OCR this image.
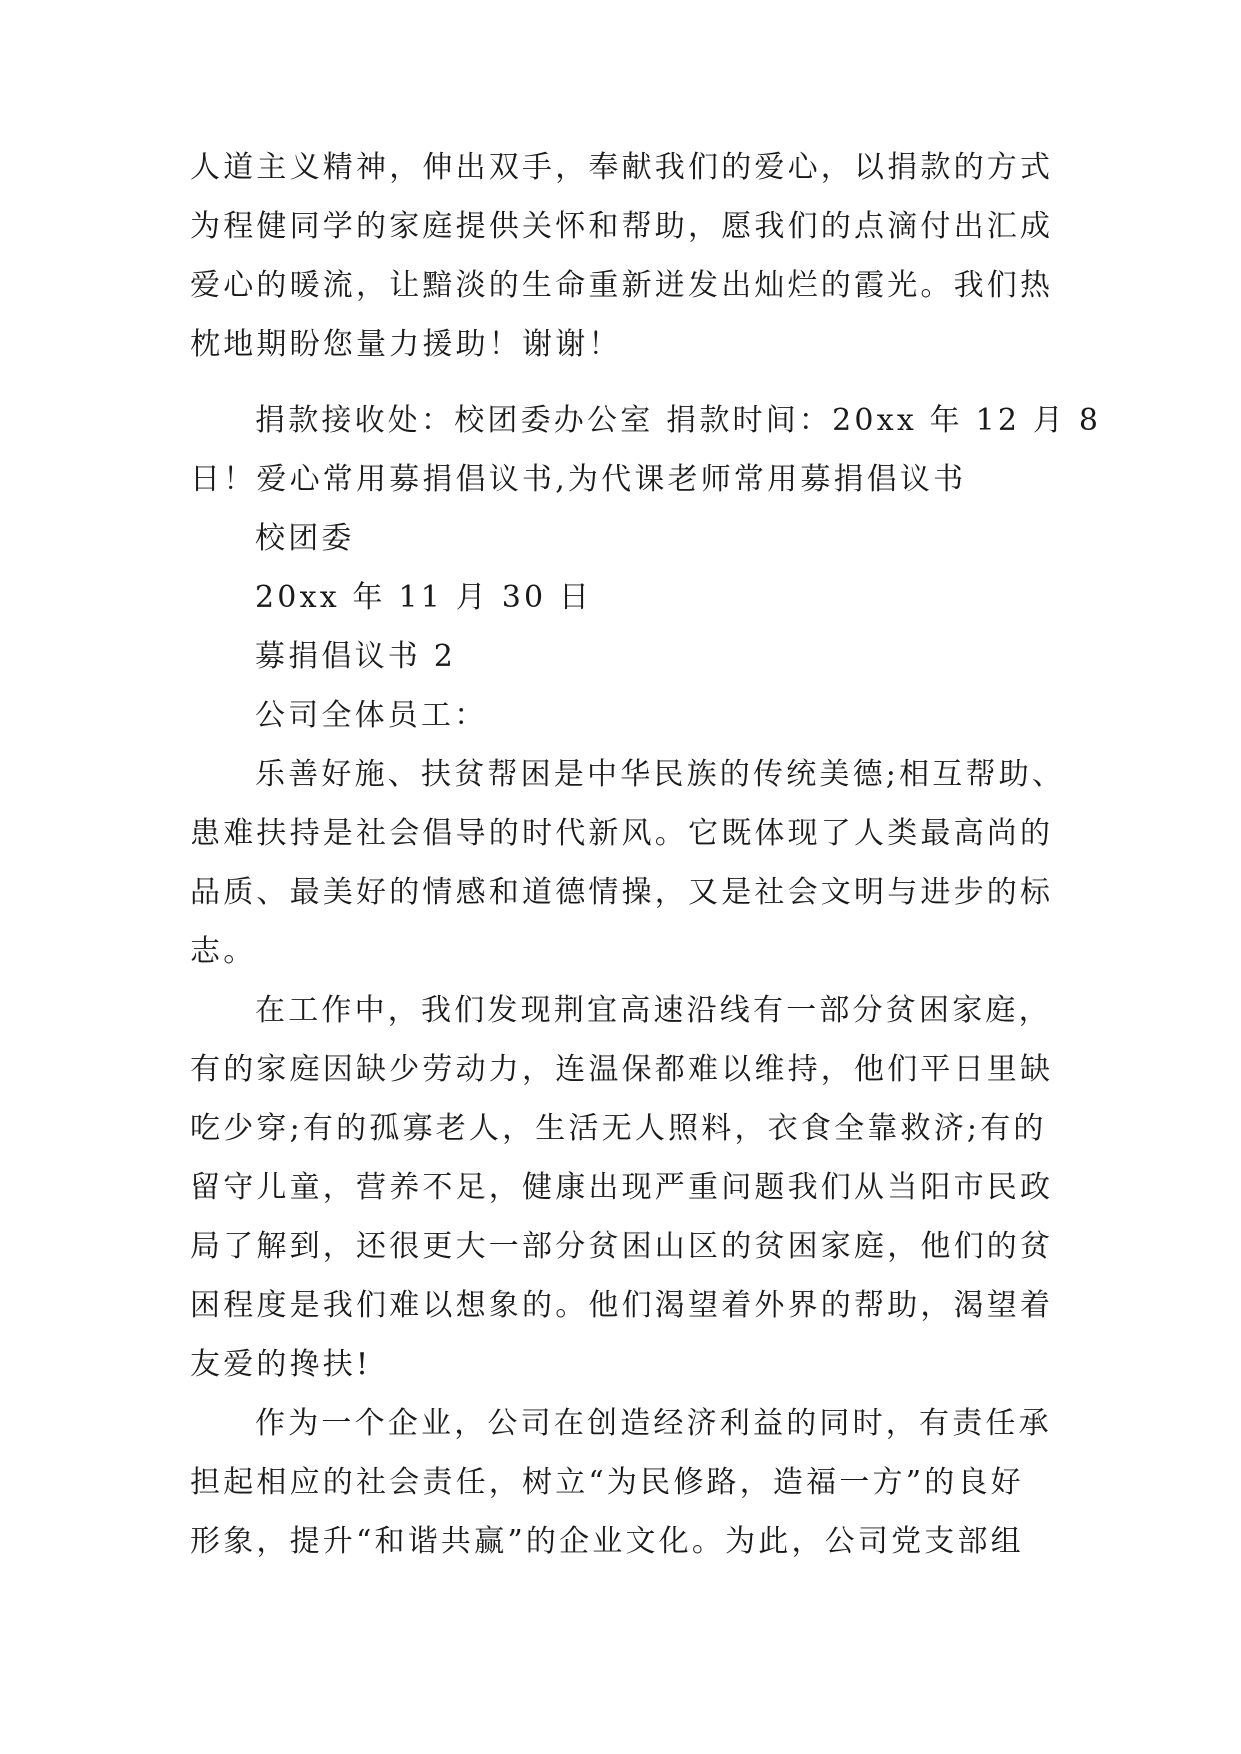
人道主义精神，伸出双手，奉献我们的爱心，以捐款的方式
为程健同学的家庭提供关怀和帮助，愿我们的点滴付出汇成
爱心的暖流，让黯淡的生命重新迸发出灿烂的霞光。我们热
枕地期盼您量力援助！谢谢！
捐款接收处：校团委办公室 捐款时间：20xx 年 12 月 8
日！爱心常用募捐倡议书,为代课老师常用募捐倡议书
校团委
20xx 年 11 月 30 日
募捐倡议书 2
公司全体员工：
乐善好施、扶贫帮困是中华民族的传统美德;相互帮助、
患难扶持是社会倡导的时代新风。它既体现了人类最高尚的
品质、最美好的情感和道德情操，又是社会文明与进步的标
志。
在工作中，我们发现荆宜高速沿线有一部分贫困家庭，
有的家庭因缺少劳动力，连温保都难以维持，他们平日里缺
吃少穿;有的孤寡老人，生活无人照料，衣食全靠救济;有的
留守儿童，营养不足，健康出现严重问题我们从当阳市民政
局了解到，还很更大一部分贫困山区的贫困家庭，他们的贫
困程度是我们难以想象的。他们渴望着外界的帮助，渴望着
友爱的搀扶!
作为一个企业，公司在创造经济利益的同时，有责任承
担起相应的社会责任，树立“为民修路，造福一方”的良好
形象，提升“和谐共赢”的企业文化。为此，公司党支部组
